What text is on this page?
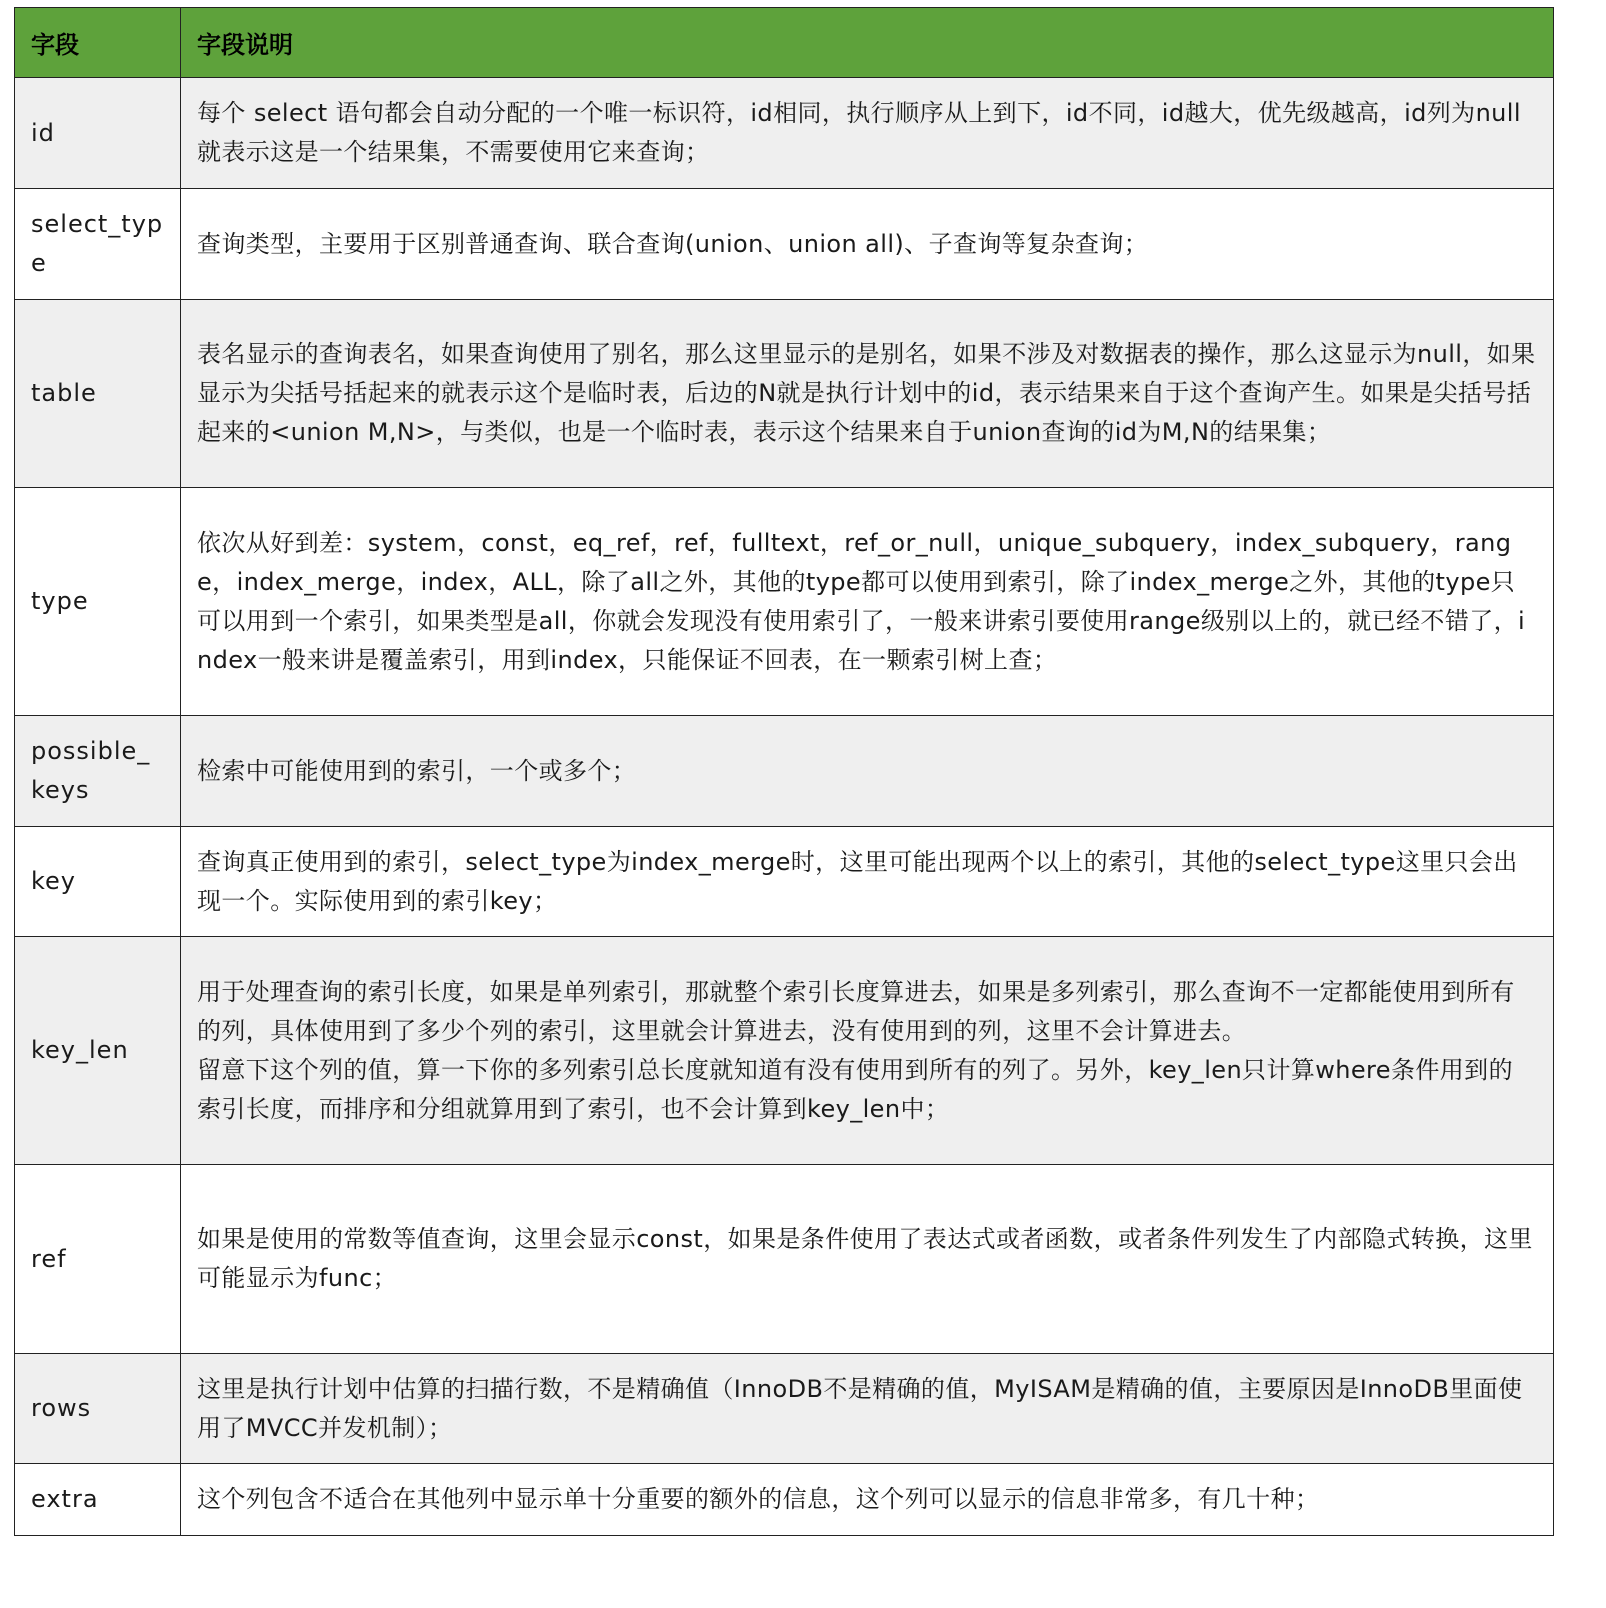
字段	字段说明
id	每个 select 语句都会自动分配的一个唯一标识符，id相同，执行顺序从上到下，id不同，id越大，优先级越高，id列为null就表示这是一个结果集，不需要使用它来查询；

select_type	查询类型，主要用于区别普通查询、联合查询(union、union all)、子查询等复杂查询；

table	表名显示的查询表名，如果查询使用了别名，那么这里显示的是别名，如果不涉及对数据表的操作，那么这显示为null，如果显示为尖括号括起来的就表示这个是临时表，后边的N就是执行计划中的id，表示结果来自于这个查询产生。如果是尖括号括起来的<union M,N>，与类似，也是一个临时表，表示这个结果来自于union查询的id为M,N的结果集；

type	依次从好到差：system，const，eq_ref，ref，fulltext，ref_or_null，unique_subquery，index_subquery，range，index_merge，index，ALL，除了all之外，其他的type都可以使用到索引，除了index_merge之外，其他的type只可以用到一个索引，如果类型是all，你就会发现没有使用索引了，一般来讲索引要使用range级别以上的，就已经不错了，index一般来讲是覆盖索引，用到index，只能保证不回表，在一颗索引树上查；

possible_keys	检索中可能使用到的索引，一个或多个；

key	查询真正使用到的索引，select_type为index_merge时，这里可能出现两个以上的索引，其他的select_type这里只会出现一个。实际使用到的索引key；

key_len	用于处理查询的索引长度，如果是单列索引，那就整个索引长度算进去，如果是多列索引，那么查询不一定都能使用到所有的列，具体使用到了多少个列的索引，这里就会计算进去，没有使用到的列，这里不会计算进去。
留意下这个列的值，算一下你的多列索引总长度就知道有没有使用到所有的列了。另外，key_len只计算where条件用到的索引长度，而排序和分组就算用到了索引，也不会计算到key_len中；

ref	如果是使用的常数等值查询，这里会显示const，如果是条件使用了表达式或者函数，或者条件列发生了内部隐式转换，这里可能显示为func；

rows	这里是执行计划中估算的扫描行数，不是精确值（InnoDB不是精确的值，MyISAM是精确的值，主要原因是InnoDB里面使用了MVCC并发机制）；

extra	这个列包含不适合在其他列中显示单十分重要的额外的信息，这个列可以显示的信息非常多，有几十种；
